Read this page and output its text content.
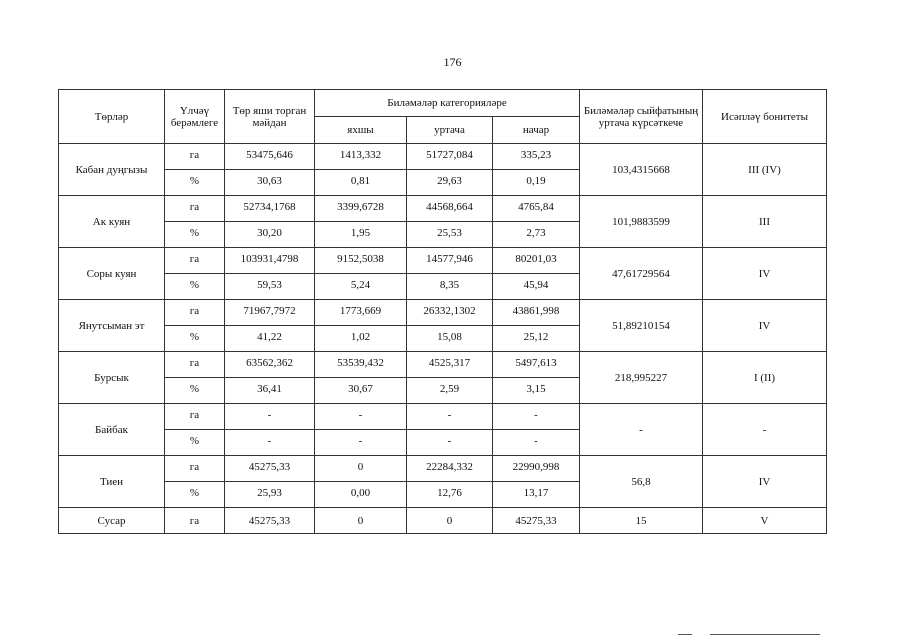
176
Төрләр	Үлчәү берәмлеге	Төр яши торган мәйдан	Биләмәләр категорияләре			Биләмәләр сыйфатының уртача күрсәткече	Исәпләү бонитеты
			яхшы	уртача	начар		
Кабан дуңгызы	га	53475,646	1413,332	51727,084	335,23	103,4315668	III (IV)
	%	30,63	0,81	29,63	0,19		
Ак куян	га	52734,1768	3399,6728	44568,664	4765,84	101,9883599	III
	%	30,20	1,95	25,53	2,73		
Соры куян	га	103931,4798	9152,5038	14577,946	80201,03	47,61729564	IV
	%	59,53	5,24	8,35	45,94		
Янутсыман эт	га	71967,7972	1773,669	26332,1302	43861,998	51,89210154	IV
	%	41,22	1,02	15,08	25,12		
Бурсык	га	63562,362	53539,432	4525,317	5497,613	218,995227	I (II)
	%	36,41	30,67	2,59	3,15		
Байбак	га	-	-	-	-	-	-
	%	-	-	-	-		
Тиен	га	45275,33	0	22284,332	22990,998	56,8	IV
	%	25,93	0,00	12,76	13,17		
Сусар	га	45275,33	0	0	45275,33	15	V
